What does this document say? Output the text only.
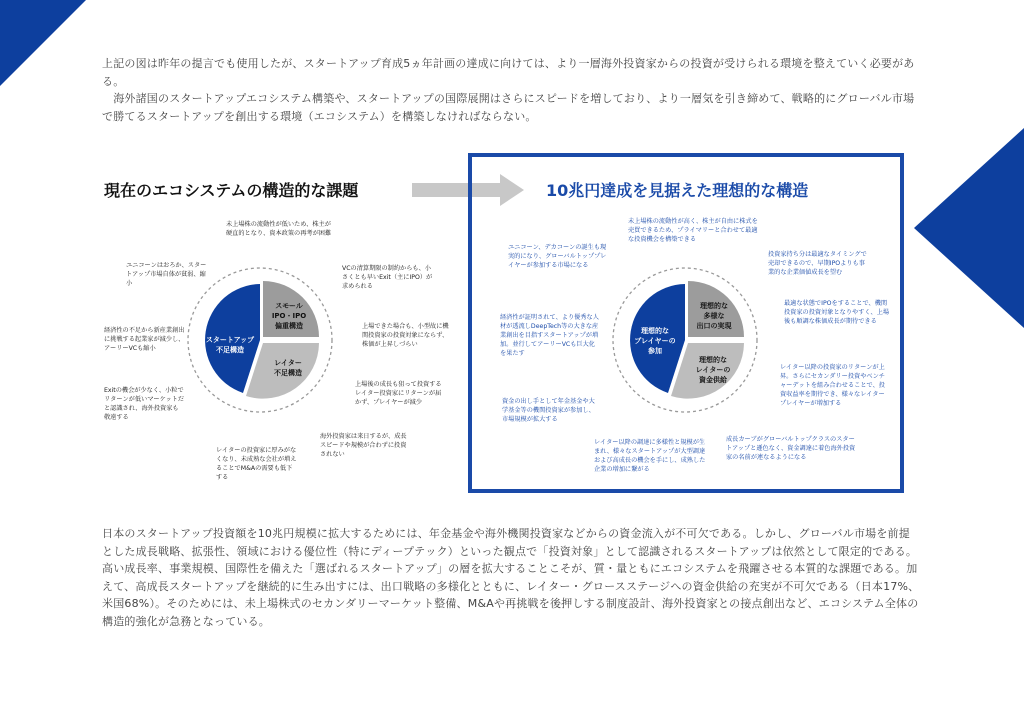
上記の図は昨年の提言でも使用したが、スタートアップ育成5ヵ年計画の達成に向けては、より一層海外投資家からの投資が受けられる環境を整えていく必要がある。

　海外諸国のスタートアップエコシステム構築や、スタートアップの国際展開はさらにスピードを増しており、より一層気を引き締めて、戦略的にグローバル市場で勝てるスタートアップを創出する環境（エコシステム）を構築しなければならない。

現在のエコシステムの構造的な課題	10兆円達成を見据えた理想的な構造
スタートアップ不足構造
スモール IPO・IPO 偏重構造
レイター不足構造
未上場株の流動性が低いため、株主が硬直的となり、資本政策の再考が困難
VCの清算期限の制約からも、小さくとも早いExit（主にIPO）が求められる
上場できた場合も、小型故に機関投資家の投資対象にならず、株価が上昇しづらい
上場後の成長も狙って投資するレイター投資家にリターンが届かず、プレイヤーが減少
海外投資家は来日するが、成長スピードや規模が合わずに投資されない
レイターの投資家に厚みがなくなり、未成熟な会社が増えることでM&Aの需要も低下する
Exitの機会が少なく、小粒でリターンが低いマーケットだと認識され、海外投資家も敬遠する
経済性の不足から新産業創出に挑戦する起業家が減少し、アーリーVCも縮小
ユニコーンはおろか、スタートアップ市場自体が貧弱、縮小
理想的なプレイヤーの参加
理想的な多様な出口の実現
理想的なレイターの資金供給
未上場株の流動性が高く、株主が自由に株式を売買できるため、プライマリーと合わせて最適な投資機会を構築できる
投資家持ち分は最適なタイミングで売却できるので、早期IPOよりも事業的な企業価値成長を望む
最適な状態でIPOをすることで、機関投資家の投資対象となりやすく、上場後も順調な株価成長が期待できる
レイター以降の投資家のリターンが上昇。さらにセカンダリー投資やベンチャーデットを組み合わせることで、投資収益率を期待でき、様々なレイタープレイヤーが増加する
成長カーブがグローバルトップクラスのスタートアップと遜色なく、資金調達に着色海外投資家の名前が連なるようになる
レイター以降の調達に多様性と規模が生まれ、様々なスタートアップが大型調達および高成長の機会を手にし、成熟した企業の増加に繋がる
資金の出し手として年金基金や大学基金等の機関投資家が参加し、市場規模が拡大する
経済性が証明されて、より優秀な人材が透流しDeepTech等の大きな産業創出を目指すスタートアップが増加。並行してアーリーVCも巨大化を果たす
ユニコーン、デカコーンの誕生も現実的になり、グローバルトッププレイヤーが参加する市場になる

日本のスタートアップ投資額を10兆円規模に拡大するためには、年金基金や海外機関投資家などからの資金流入が不可欠である。しかし、グローバル市場を前提とした成長戦略、拡張性、領域における優位性（特にディープテック）といった観点で「投資対象」として認識されるスタートアップは依然として限定的である。

高い成長率、事業規模、国際性を備えた「選ばれるスタートアップ」の層を拡大することこそが、質・量ともにエコシステムを飛躍させる本質的な課題である。加えて、高成長スタートアップを継続的に生み出すには、出口戦略の多様化とともに、レイター・グロースステージへの資金供給の充実が不可欠である（日本17%、米国68%）。そのためには、未上場株式のセカンダリーマーケット整備、M&Aや再挑戦を後押しする制度設計、海外投資家との接点創出など、エコシステム全体の構造的強化が急務となっている。
